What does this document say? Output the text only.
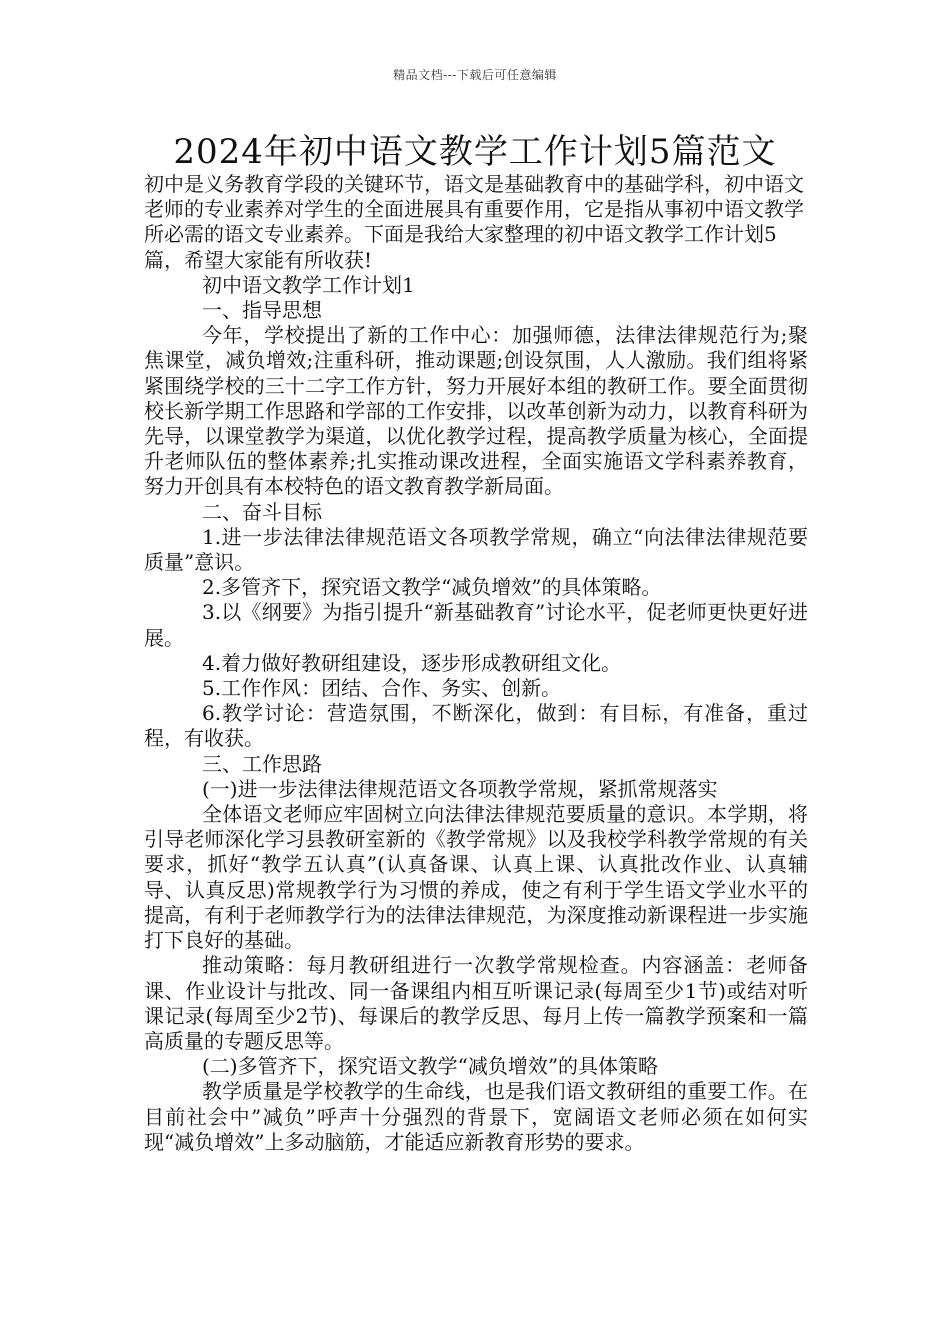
精品文档---下载后可任意编辑
2024年初中语文教学工作计划5篇范文

初中是义务教育学段的关键环节，语文是基础教育中的基础学科，初中语文老师的专业素养对学生的全面进展具有重要作用，它是指从事初中语文教学所必需的语文专业素养。下面是我给大家整理的初中语文教学工作计划5篇，希望大家能有所收获!

初中语文教学工作计划1

一、指导思想

今年，学校提出了新的工作中心：加强师德，法律法律规范行为;聚焦课堂，减负增效;注重科研，推动课题;创设氛围，人人激励。我们组将紧紧围绕学校的三十二字工作方针，努力开展好本组的教研工作。要全面贯彻校长新学期工作思路和学部的工作安排，以改革创新为动力，以教育科研为先导，以课堂教学为渠道，以优化教学过程，提高教学质量为核心，全面提升老师队伍的整体素养;扎实推动课改进程，全面实施语文学科素养教育，努力开创具有本校特色的语文教育教学新局面。

二、奋斗目标

1.进一步法律法律规范语文各项教学常规，确立“向法律法律规范要质量”意识。

2.多管齐下，探究语文教学“减负增效”的具体策略。

3.以《纲要》为指引提升“新基础教育”讨论水平，促老师更快更好进展。

4.着力做好教研组建设，逐步形成教研组文化。

5.工作作风：团结、合作、务实、创新。

6.教学讨论：营造氛围，不断深化，做到：有目标，有准备，重过程，有收获。

三、工作思路

(一)进一步法律法律规范语文各项教学常规，紧抓常规落实

全体语文老师应牢固树立向法律法律规范要质量的意识。本学期，将引导老师深化学习县教研室新的《教学常规》以及我校学科教学常规的有关要求，抓好“教学五认真”(认真备课、认真上课、认真批改作业、认真辅导、认真反思)常规教学行为习惯的养成，使之有利于学生语文学业水平的提高，有利于老师教学行为的法律法律规范，为深度推动新课程进一步实施打下良好的基础。

推动策略：每月教研组进行一次教学常规检查。内容涵盖：老师备课、作业设计与批改、同一备课组内相互听课记录(每周至少1节)或结对听课记录(每周至少2节)、每课后的教学反思、每月上传一篇教学预案和一篇高质量的专题反思等。

(二)多管齐下，探究语文教学“减负增效”的具体策略

教学质量是学校教学的生命线，也是我们语文教研组的重要工作。在目前社会中”减负”呼声十分强烈的背景下，宽阔语文老师必须在如何实现“减负增效”上多动脑筋，才能适应新教育形势的要求。
